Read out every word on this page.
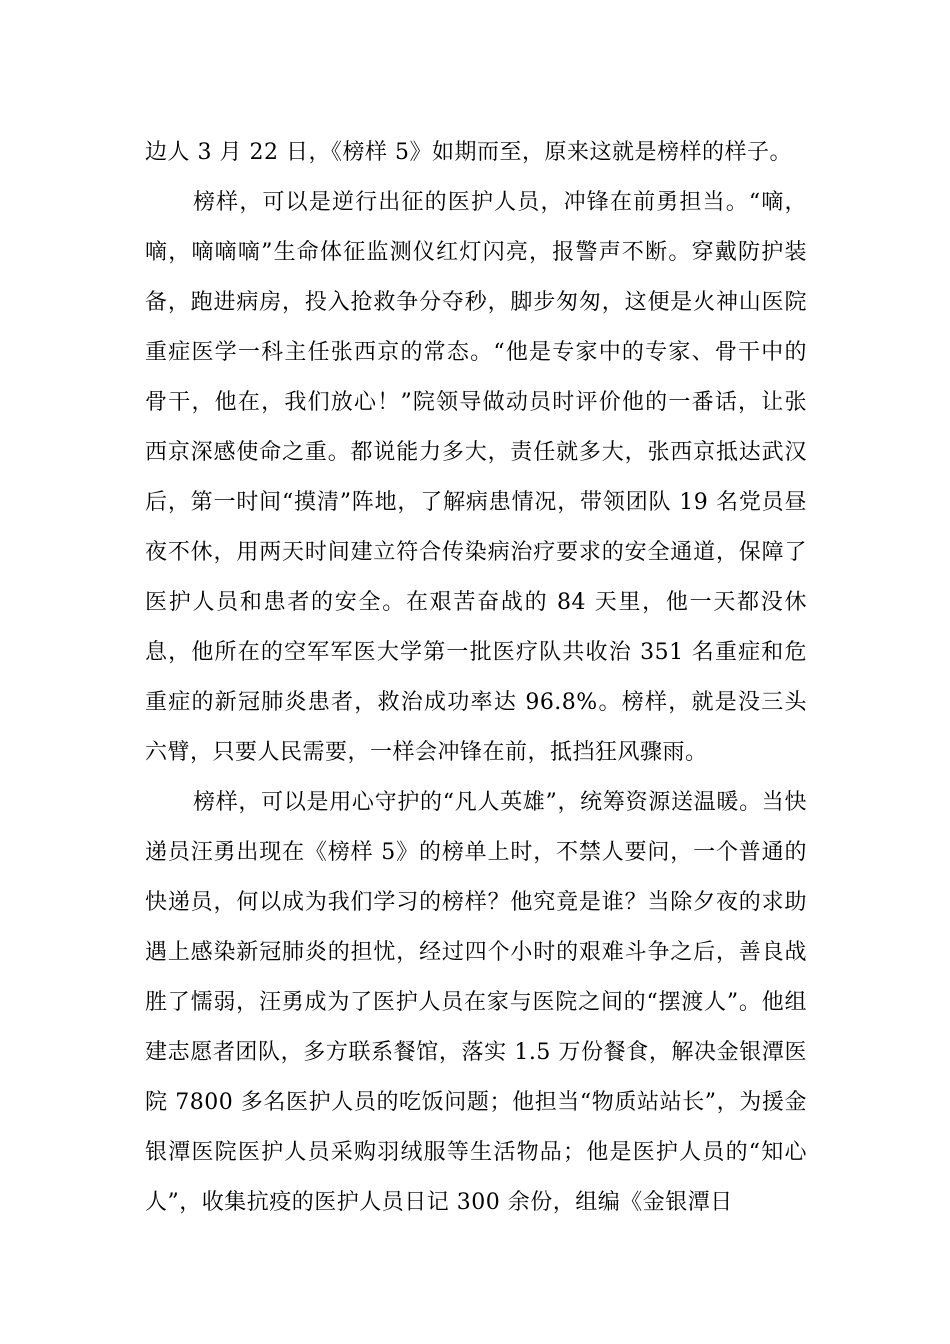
边人 3 月 22 日，《榜样 5》如期而至，原来这就是榜样的样子。

榜样，可以是逆行出征的医护人员，冲锋在前勇担当。“嘀，嘀，嘀嘀嘀”生命体征监测仪红灯闪亮，报警声不断。穿戴防护装备，跑进病房，投入抢救争分夺秒，脚步匆匆，这便是火神山医院重症医学一科主任张西京的常态。“他是专家中的专家、骨干中的骨干，他在，我们放心！”院领导做动员时评价他的一番话，让张西京深感使命之重。都说能力多大，责任就多大，张西京抵达武汉后，第一时间“摸清”阵地，了解病患情况，带领团队 19 名党员昼夜不休，用两天时间建立符合传染病治疗要求的安全通道，保障了医护人员和患者的安全。在艰苦奋战的 84 天里，他一天都没休息，他所在的空军军医大学第一批医疗队共收治 351 名重症和危重症的新冠肺炎患者，救治成功率达 96.8%。榜样，就是没三头六臂，只要人民需要，一样会冲锋在前，抵挡狂风骤雨。

榜样，可以是用心守护的“凡人英雄”，统筹资源送温暖。当快递员汪勇出现在《榜样 5》的榜单上时，不禁人要问，一个普通的快递员，何以成为我们学习的榜样？他究竟是谁？当除夕夜的求助遇上感染新冠肺炎的担忧，经过四个小时的艰难斗争之后，善良战胜了懦弱，汪勇成为了医护人员在家与医院之间的“摆渡人”。他组建志愿者团队，多方联系餐馆，落实 1.5 万份餐食，解决金银潭医院 7800 多名医护人员的吃饭问题；他担当“物质站站长”，为援金银潭医院医护人员采购羽绒服等生活物品；他是医护人员的“知心人”，收集抗疫的医护人员日记 300 余份，组编《金银潭日
